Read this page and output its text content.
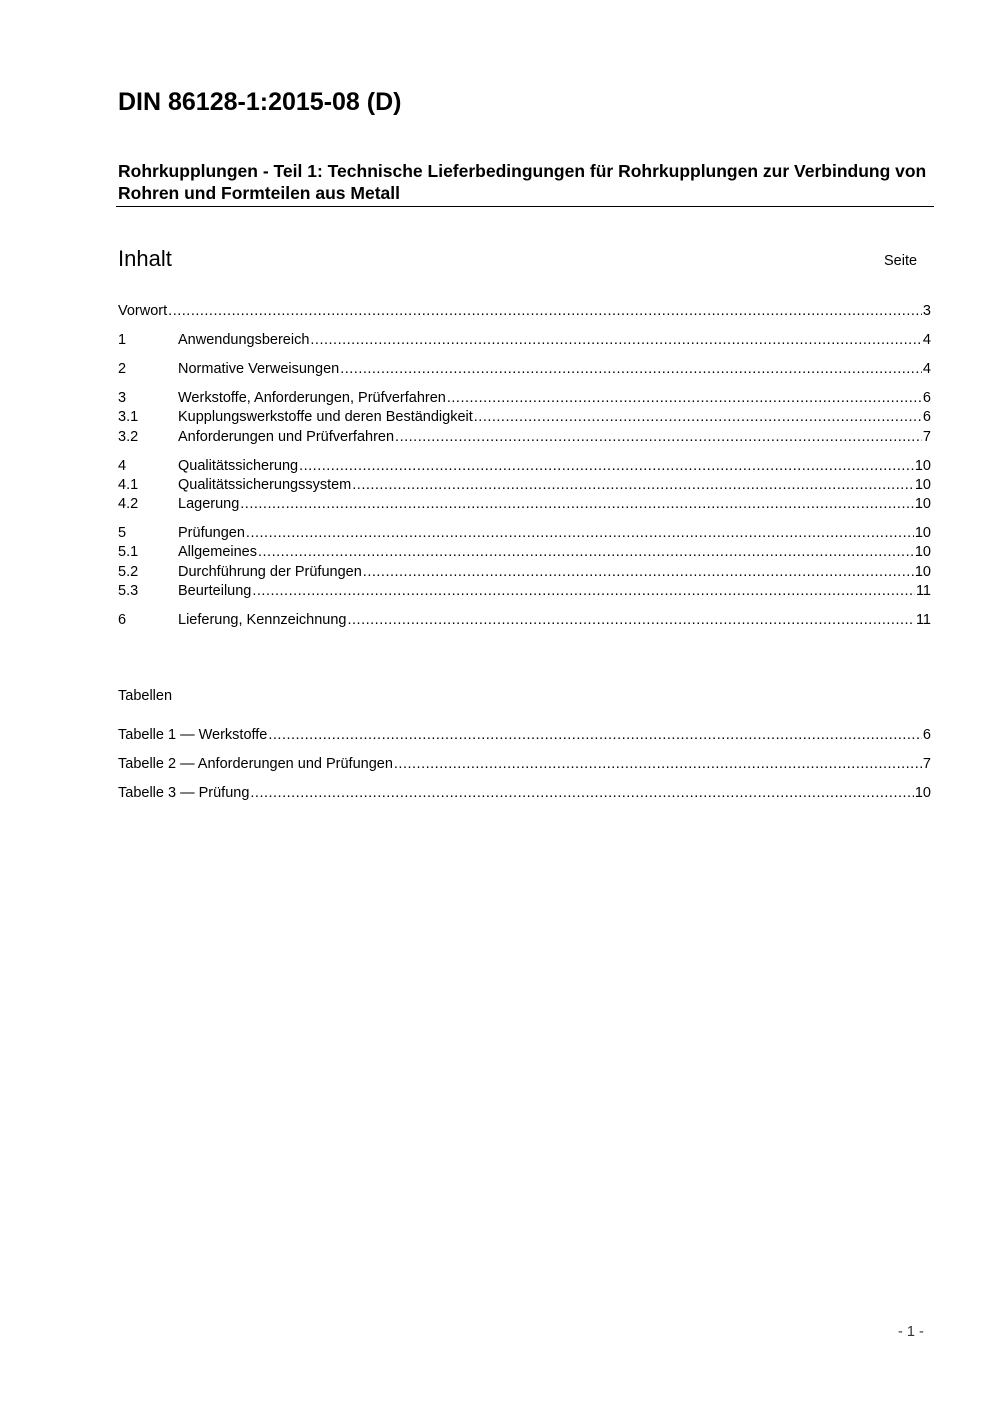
DIN 86128-1:2015-08 (D)
Rohrkupplungen - Teil 1: Technische Lieferbedingungen für Rohrkupplungen zur Verbindung von Rohren und Formteilen aus Metall
Inhalt	Seite
Vorwort .....	3
1	Anwendungsbereich .....	4
2	Normative Verweisungen .....	4
3	Werkstoffe, Anforderungen, Prüfverfahren .....	6
3.1	Kupplungswerkstoffe und deren Beständigkeit .....	6
3.2	Anforderungen und Prüfverfahren .....	7
4	Qualitätssicherung .....	10
4.1	Qualitätssicherungssystem .....	10
4.2	Lagerung .....	10
5	Prüfungen .....	10
5.1	Allgemeines .....	10
5.2	Durchführung der Prüfungen .....	10
5.3	Beurteilung .....	11
6	Lieferung, Kennzeichnung .....	11
Tabellen
Tabelle 1 — Werkstoffe .....	6
Tabelle 2 — Anforderungen und Prüfungen .....	7
Tabelle 3 — Prüfung .....	10
- 1 -
